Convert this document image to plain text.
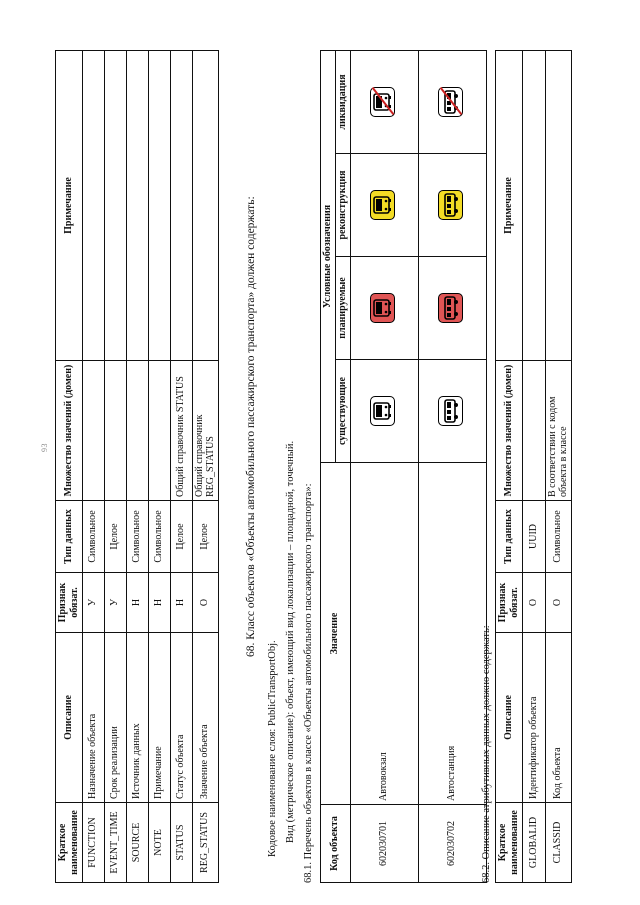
93
Краткое наименование	Описание	Признак обязат.	Тип данных	Множество значений (домен)	Примечание
FUNCTION	Назначение объекта	У	Символьное		
EVENT_TIME	Срок реализации	У	Целое		
SOURCE	Источник данных	Н	Символьное		
NOTE	Примечание	Н	Символьное		
STATUS	Статус объекта	Н	Целое	Общий справочник STATUS	
REG_STATUS	Значение объекта	О	Целое	Общий справочник REG_STATUS	68. Класс объектов «Объекты автомобильного пассажирского транспорта» должен содержать:
Кодовое наименование слоя: PublicTransportObj. Вид (метрическое описание): объект, имеющий вид локализации – площадной, точечный. 68.1. Перечень объектов в классе «Объекты автомобильного пассажирского транспорта»: Код объекта	Значение	Условные обозначения			
		существующие	планируемые	реконструкция	ликвидация
602030701	Автовокзал	

602030702	Автостанция	

	68.2. Описание атрибутивных данных должно содержать: Краткое наименование	Описание	Признак обязат.	Тип данных	Множество значений (домен)	Примечание
GLOBALID	Идентификатор объекта	О	UUID		
CLASSID	Код объекта	О	Символьное	В соответствии с кодом объекта в классе	
